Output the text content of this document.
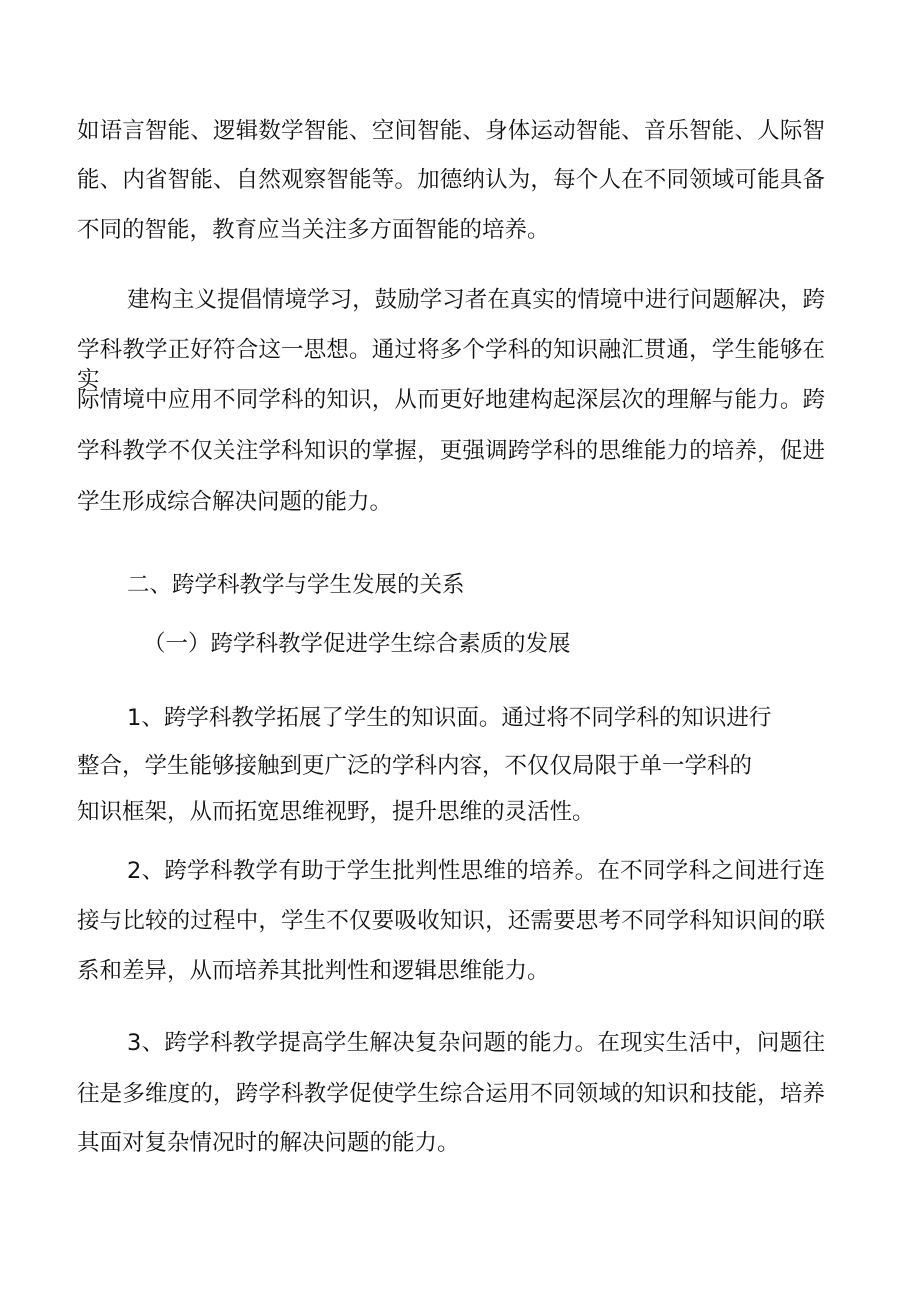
如语言智能、逻辑数学智能、空间智能、身体运动智能、音乐智能、人际智

能、内省智能、自然观察智能等。加德纳认为，每个人在不同领域可能具备

不同的智能，教育应当关注多方面智能的培养。

建构主义提倡情境学习，鼓励学习者在真实的情境中进行问题解决，跨

学科教学正好符合这一思想。通过将多个学科的知识融汇贯通，学生能够在实

际情境中应用不同学科的知识，从而更好地建构起深层次的理解与能力。跨

学科教学不仅关注学科知识的掌握，更强调跨学科的思维能力的培养，促进

学生形成综合解决问题的能力。

二、跨学科教学与学生发展的关系

（一）跨学科教学促进学生综合素质的发展

1、跨学科教学拓展了学生的知识面。通过将不同学科的知识进行

整合，学生能够接触到更广泛的学科内容，不仅仅局限于单一学科的

知识框架，从而拓宽思维视野，提升思维的灵活性。

2、跨学科教学有助于学生批判性思维的培养。在不同学科之间进行连

接与比较的过程中，学生不仅要吸收知识，还需要思考不同学科知识间的联

系和差异，从而培养其批判性和逻辑思维能力。

3、跨学科教学提高学生解决复杂问题的能力。在现实生活中，问题往

往是多维度的，跨学科教学促使学生综合运用不同领域的知识和技能，培养

其面对复杂情况时的解决问题的能力。
